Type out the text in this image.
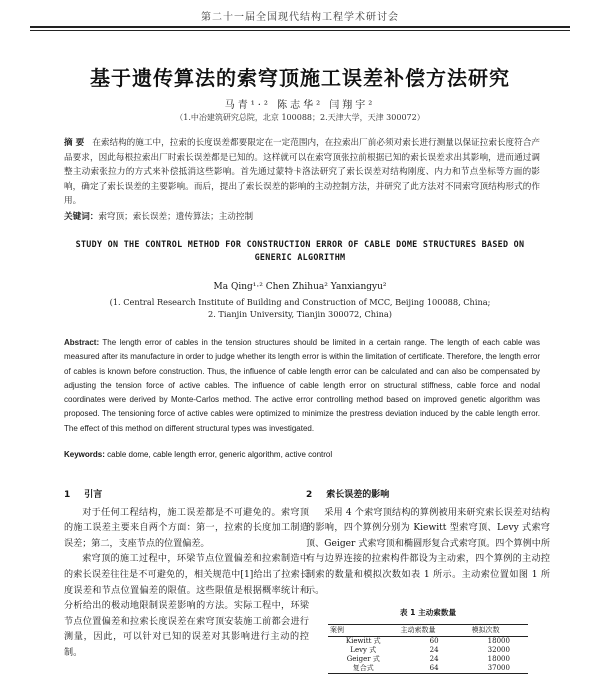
第二十一届全国现代结构工程学术研讨会
基于遗传算法的索穹顶施工误差补偿方法研究
马青¹·² 陈志华² 闫翔宇²
（1.中冶建筑研究总院，北京 100088；2.天津大学，天津 300072）
摘 要 在索结构的施工中，拉索的长度误差都要限定在一定范围内，在拉索出厂前必须对索长进行测量以保证拉索长度符合产品要求，因此每根拉索出厂时索长误差都是已知的。这样就可以在索穹顶张拉前根据已知的索长误差求出其影响，进而通过调整主动索张拉力的方式来补偿抵消这些影响。首先通过蒙特卡洛法研究了索长误差对结构刚度、内力和节点坐标等方面的影响，确定了索长误差的主要影响。而后，提出了索长误差的影响的主动控制方法，并研究了此方法对不同索穹顶结构形式的作用。
关键词：索穹顶；索长误差；遗传算法；主动控制
STUDY ON THE CONTROL METHOD FOR CONSTRUCTION ERROR OF CABLE DOME STRUCTURES BASED ON GENERIC ALGORITHM
Ma Qing¹·² Chen Zhihua² Yanxiangyu²
(1. Central Research Institute of Building and Construction of MCC, Beijing 100088, China;
2. Tianjin University, Tianjin 300072, China)
Abstract: The length error of cables in the tension structures should be limited in a certain range. The length of each cable was measured after its manufacture in order to judge whether its length error is within the limitation of certificate. Therefore, the length error of cables is known before construction. Thus, the influence of cable length error can be calculated and can also be compensated by adjusting the tension force of active cables. The influence of cable length error on structural stiffness, cable force and nodal coordinates were derived by Monte-Carlos method. The active error controlling method based on improved genetic algorithm was proposed. The tensioning force of active cables were optimized to minimize the prestress deviation induced by the cable length error. The effect of this method on different structural types was investigated.
Keywords: cable dome, cable length error, generic algorithm, active control
1 引言
对于任何工程结构，施工误差都是不可避免的。索穹顶的施工误差主要来自两个方面：第一，拉索的长度加工制造误差；第二，支座节点的位置偏差。
索穹顶的施工过程中，环梁节点位置偏差和拉索制造中的索长误差往往是不可避免的，相关规范中[1]给出了拉索长度误差和节点位置偏差的限值。这些限值是根据概率统计和分析给出的极动地限制误差影响的方法。实际工程中，环梁节点位置偏差和拉索长度误差在索穹顶安装施工前都会进行测量，因此，可以针对已知的误差对其影响进行主动的控制。
2 索长误差的影响
采用 4 个索穹顶结构的算例被用来研究索长误差对结构的影响，四个算例分别为 Kiewitt 型索穹顶、Levy 式索穹顶、Geiger 式索穹顶和椭圆形复合式索穹顶。四个算例中所有与边界连接的拉索构件都设为主动索，四个算例的主动控制索的数量和模拟次数如表 1 所示。主动索位置如图 1 所示。
表 1 主动索数量
案例	主动索数量	模拟次数
Kiewitt 式	60	18000
Levy 式	24	32000
Geiger 式	24	18000
复合式	64	37000
